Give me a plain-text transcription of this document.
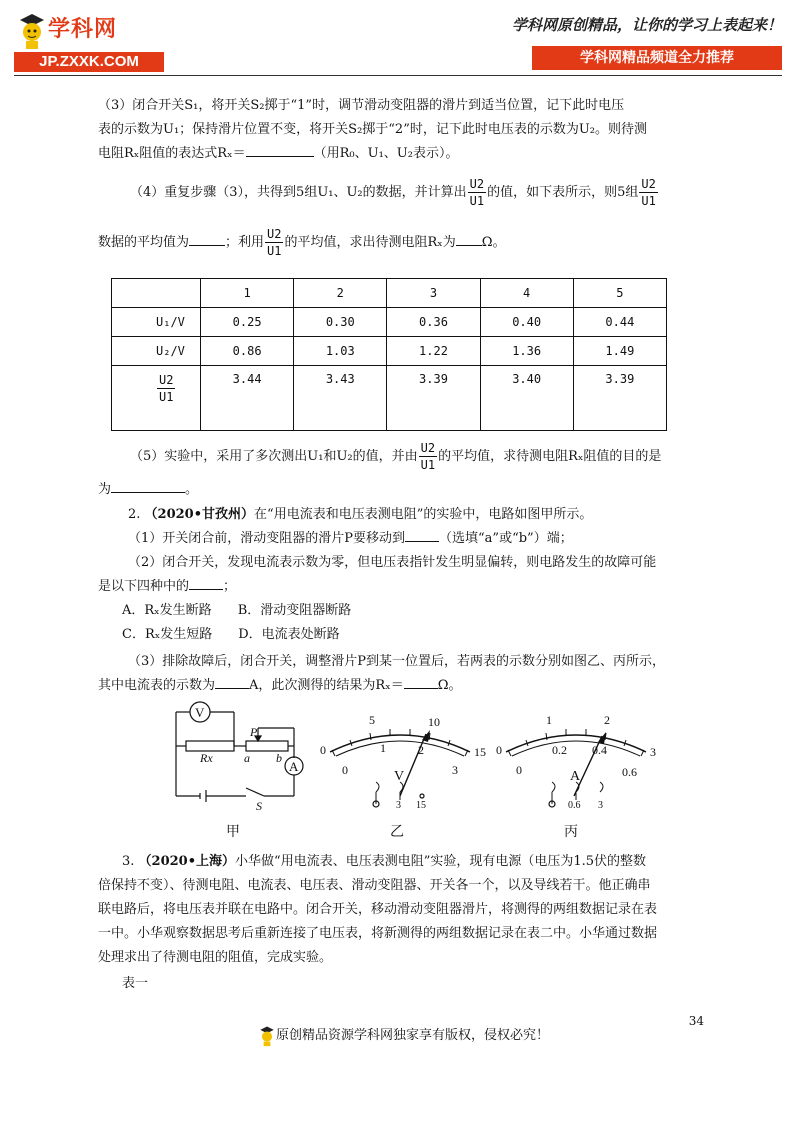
学科网
JP.ZXXK.COM
学科网原创精品，让你的学习上表起来！
学科网精品频道全力推荐
（3）闭合开关S₁，将开关S₂掷于“1”时，调节滑动变阻器的滑片到适当位置，记下此时电压
表的示数为U₁；保持滑片位置不变，将开关S₂掷于“2”时，记下此时电压表的示数为U₂。则待测
电阻Rₓ阻值的表达式Rₓ＝	（用R₀、U₁、U₂表示）。
（4）重复步骤（3），共得到5组U₁、U₂的数据，并计算出 $\frac{U2}{U1}$ 的值，如下表所示，则5组 $\frac{U2}{U1}$
数据的平均值为	；利用 $\frac{U2}{U1}$ 的平均值，求出待测电阻Rₓ为 Ω。
	1	2	3	4	5
U₁/V	0.25	0.30	0.36	0.40	0.44
U₂/V	0.86	1.03	1.22	1.36	1.49

$\frac{U2}{U1}$	3.44	3.43	3.39	3.40	3.39
（5）实验中，采用了多次测出U₁和U₂的值，并由 $\frac{U2}{U1}$ 的平均值，求待测电阻Rₓ阻值的目的是
为	。
2. （2020•甘孜州）在“用电流表和电压表测电阻”的实验中，电路如图甲所示。
（1）开关闭合前，滑动变阻器的滑片P要移动到	（选填“a”或“b”）端；
（2）闭合开关，发现电流表示数为零，但电压表指针发生明显偏转，则电路发生的故障可能
是以下四种中的	；
A．Rₓ发生断路 B．滑动变阻器断路
C．Rₓ发生短路 D．电流表处断路
（3）排除故障后，闭合开关，调整滑片P到某一位置后，若两表的示数分别如图乙、丙所示，
其中电流表的示数为	A，此次测得的结果为Rₓ＝	Ω。
V
Rx	a b
P
A
S
甲
0
5	10
15
0
1	2
3
V
3 15
乙
0
1	2
3
0
0.2 0.4
0.6
A
0.6 3
丙
3. （2020•上海）小华做“用电流表、电压表测电阻”实验，现有电源（电压为1.5伏的整数
倍保持不变）、待测电阻、电流表、电压表、滑动变阻器、开关各一个，以及导线若干。他正确串
联电路后，将电压表并联在电路中。闭合开关，移动滑动变阻器滑片，将测得的两组数据记录在表
一中。小华观察数据思考后重新连接了电压表，将新测得的两组数据记录在表二中。小华通过数据
处理求出了待测电阻的阻值，完成实验。
表一
34
原创精品资源学科网独家享有版权，侵权必究！
